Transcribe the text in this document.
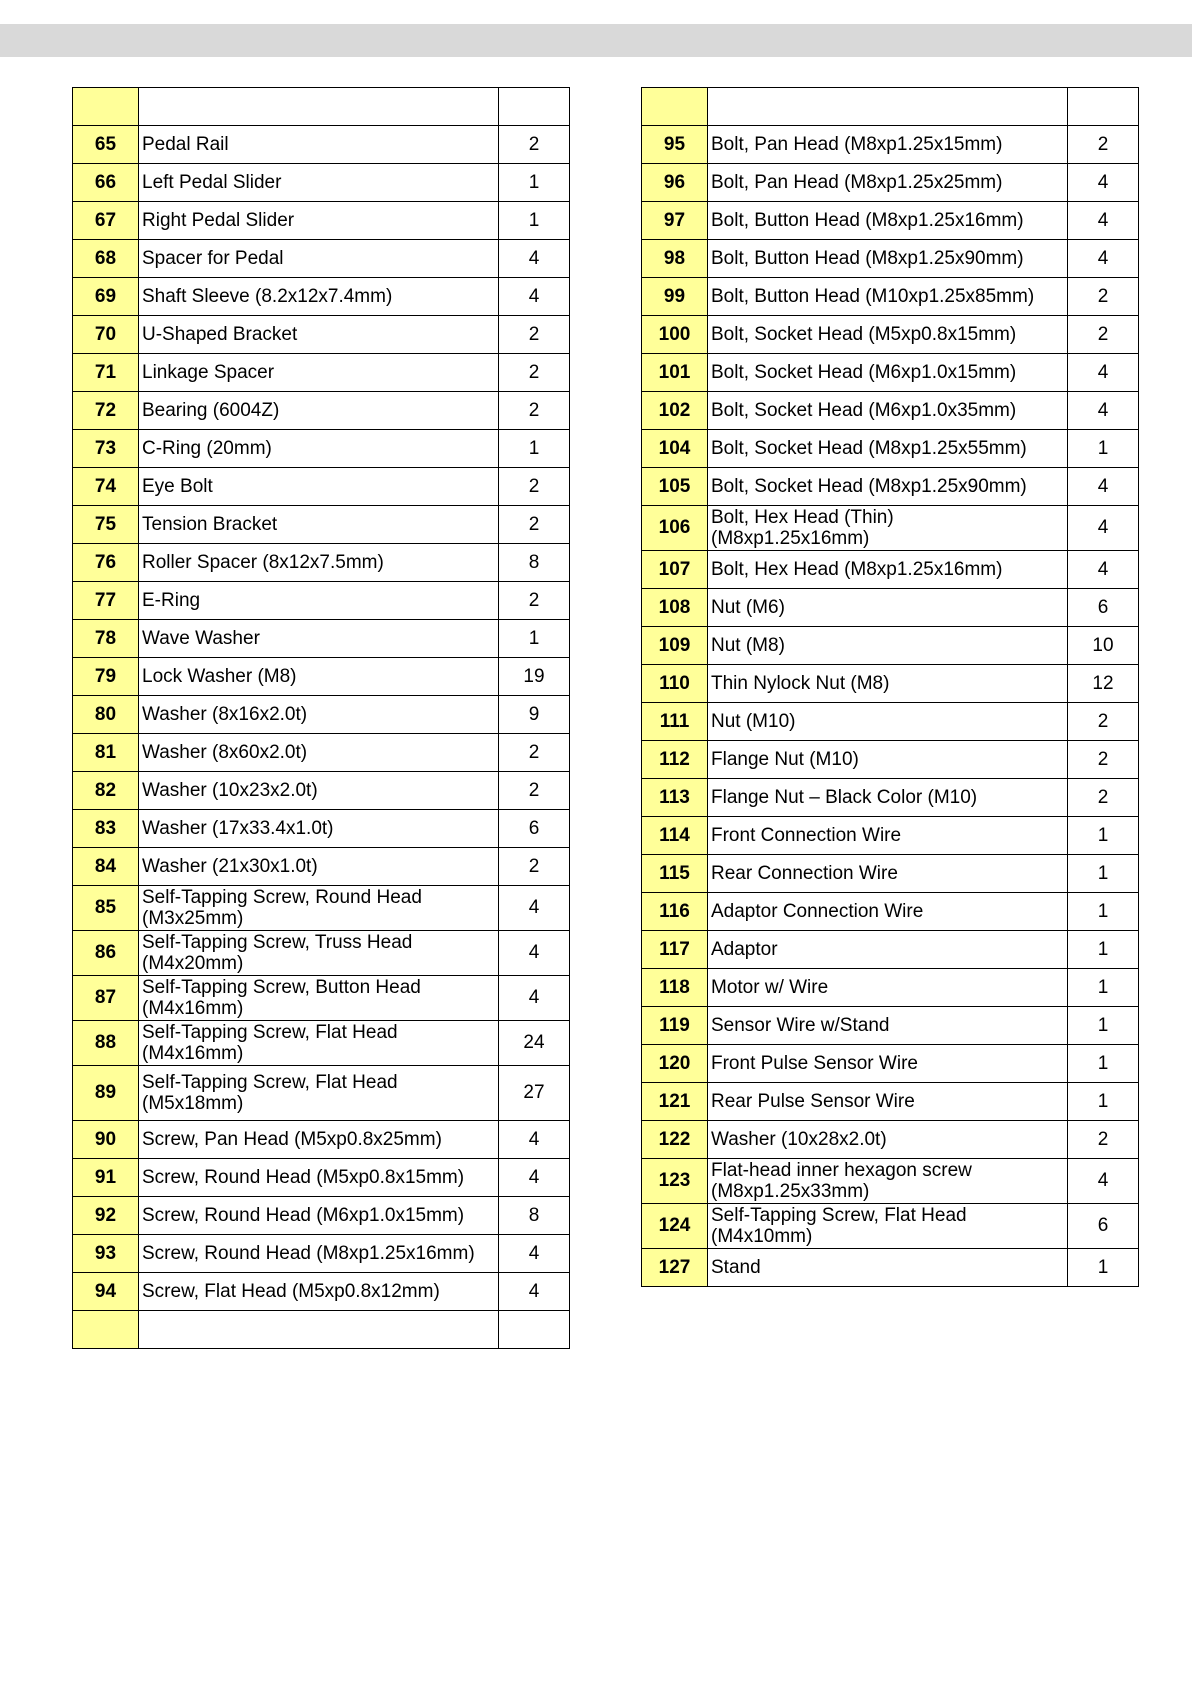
65	Pedal Rail	2
66	Left Pedal Slider	1
67	Right Pedal Slider	1
68	Spacer for Pedal	4
69	Shaft Sleeve (8.2x12x7.4mm)	4
70	U-Shaped Bracket	2
71	Linkage Spacer	2
72	Bearing (6004Z)	2
73	C-Ring (20mm)	1
74	Eye Bolt	2
75	Tension Bracket	2
76	Roller Spacer (8x12x7.5mm)	8
77	E-Ring	2
78	Wave Washer	1
79	Lock Washer (M8)	19
80	Washer (8x16x2.0t)	9
81	Washer (8x60x2.0t)	2
82	Washer (10x23x2.0t)	2
83	Washer (17x33.4x1.0t)	6
84	Washer (21x30x1.0t)	2
85	Self-Tapping Screw, Round Head
(M3x25mm)	4
86	Self-Tapping Screw, Truss Head
(M4x20mm)	4
87	Self-Tapping Screw, Button Head
(M4x16mm)	4
88	Self-Tapping Screw, Flat Head
(M4x16mm)	24
89	Self-Tapping Screw, Flat Head
(M5x18mm)	27
90	Screw, Pan Head (M5xp0.8x25mm)	4
91	Screw, Round Head (M5xp0.8x15mm)	4
92	Screw, Round Head (M6xp1.0x15mm)	8
93	Screw, Round Head (M8xp1.25x16mm)	4
94	Screw, Flat Head (M5xp0.8x12mm)	4

95	Bolt, Pan Head (M8xp1.25x15mm)	2
96	Bolt, Pan Head (M8xp1.25x25mm)	4
97	Bolt, Button Head (M8xp1.25x16mm)	4
98	Bolt, Button Head (M8xp1.25x90mm)	4
99	Bolt, Button Head (M10xp1.25x85mm)	2
100	Bolt, Socket Head (M5xp0.8x15mm)	2
101	Bolt, Socket Head (M6xp1.0x15mm)	4
102	Bolt, Socket Head (M6xp1.0x35mm)	4
104	Bolt, Socket Head (M8xp1.25x55mm)	1
105	Bolt, Socket Head (M8xp1.25x90mm)	4
106	Bolt, Hex Head (Thin)
(M8xp1.25x16mm)	4
107	Bolt, Hex Head (M8xp1.25x16mm)	4
108	Nut (M6)	6
109	Nut (M8)	10
110	Thin Nylock Nut (M8)	12
111	Nut (M10)	2
112	Flange Nut (M10)	2
113	Flange Nut – Black Color (M10)	2
114	Front Connection Wire	1
115	Rear Connection Wire	1
116	Adaptor Connection Wire	1
117	Adaptor	1
118	Motor w/ Wire	1
119	Sensor Wire w/Stand	1
120	Front Pulse Sensor Wire	1
121	Rear Pulse Sensor Wire	1
122	Washer (10x28x2.0t)	2
123	Flat-head inner hexagon screw
(M8xp1.25x33mm)	4
124	Self-Tapping Screw, Flat Head
(M4x10mm)	6
127	Stand	1
